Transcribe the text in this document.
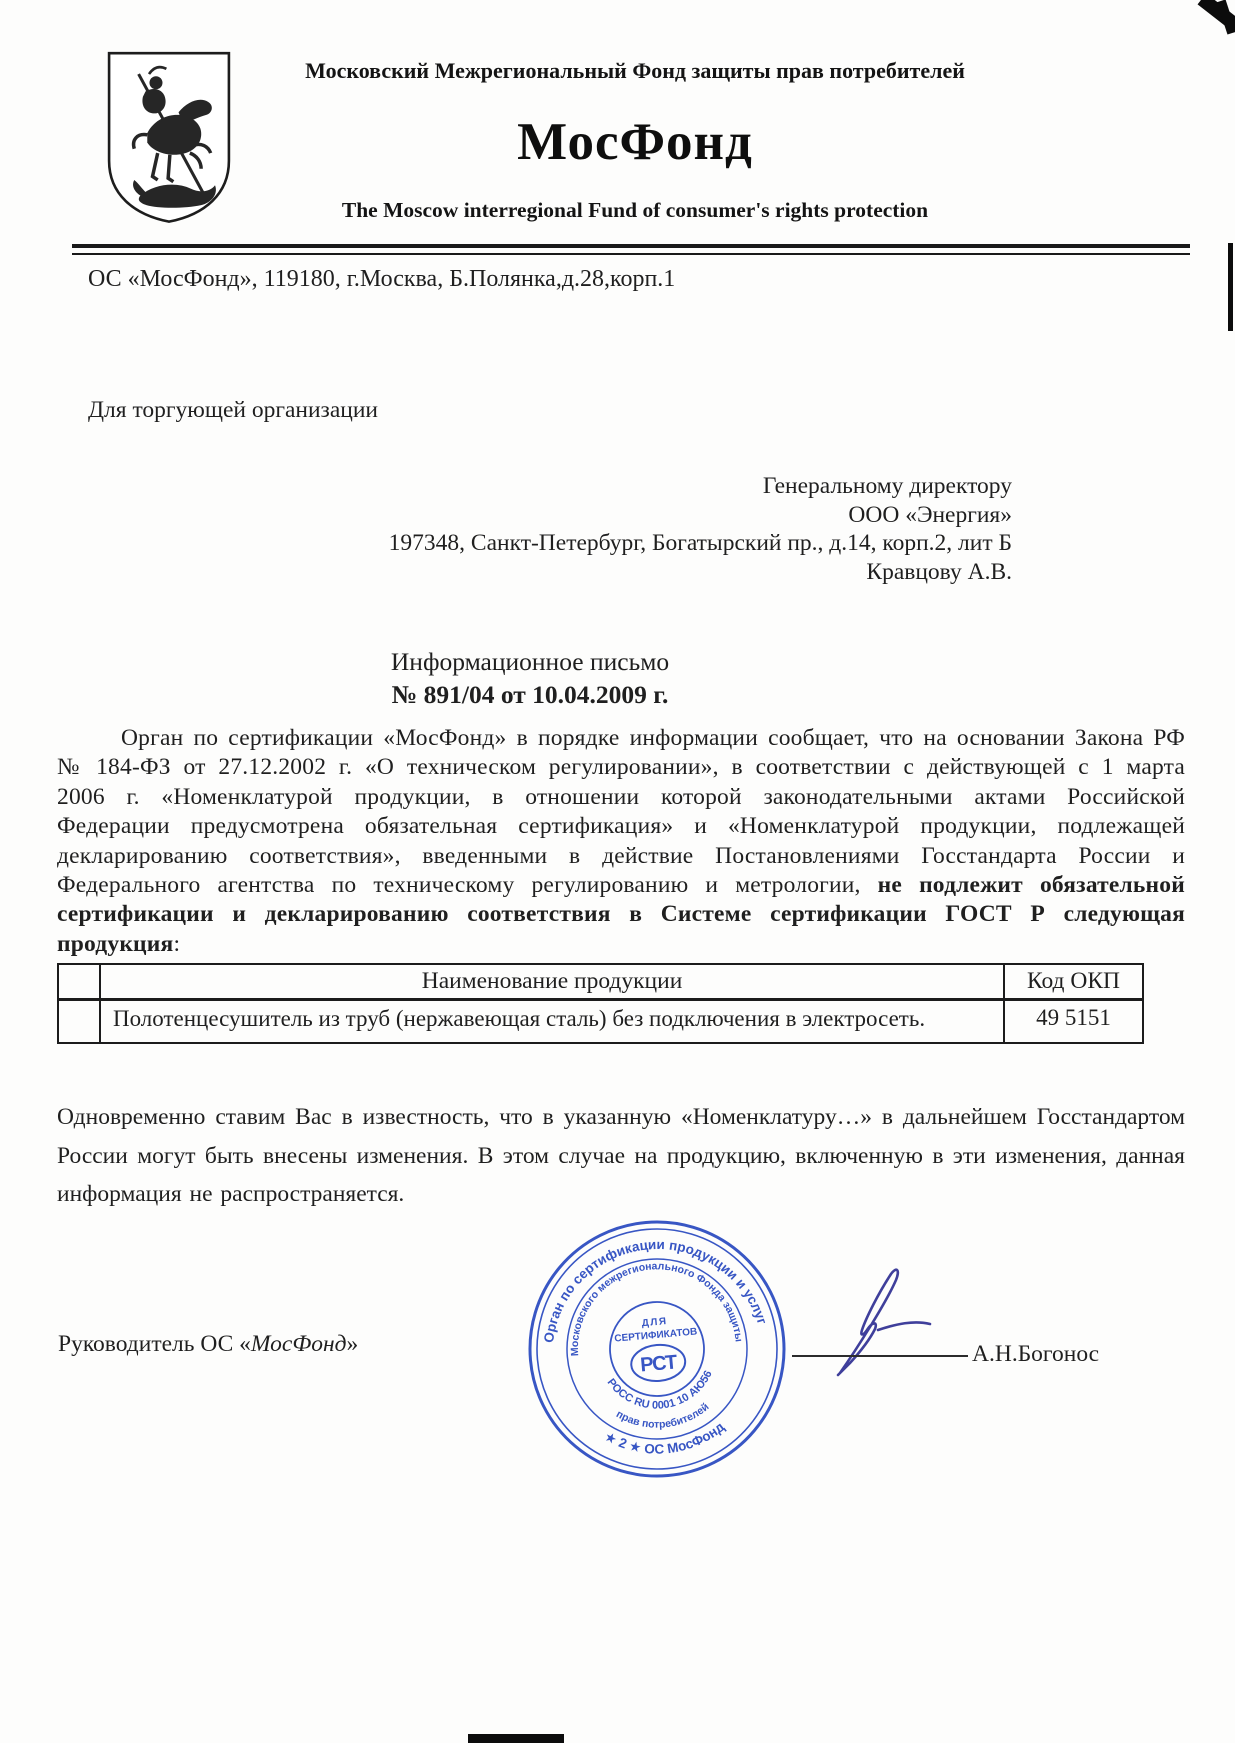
Московский Межрегиональный Фонд защиты прав потребителей
МосФонд
The Moscow interregional Fund of consumer's rights protection
ОС «МосФонд», 119180, г.Москва, Б.Полянка,д.28,корп.1
Для торгующей организации
Генеральному директору
ООО «Энергия»
197348, Санкт-Петербург, Богатырский пр., д.14, корп.2, лит Б
Кравцову А.В.
Информационное письмо
№ 891/04 от 10.04.2009 г.

Орган по сертификации «МосФонд» в порядке информации сообщает, что на основании Закона РФ № 184-ФЗ от 27.12.2002 г. «О техническом регулировании», в соответствии с действующей с 1 марта 2006 г. «Номенклатурой продукции, в отношении которой законодательными актами Российской Федерации предусмотрена обязательная сертификация» и «Номенклатурой продукции, подлежащей декларированию соответствия», введенными в действие Постановлениями Госстандарта России и Федерального агентства по техническому регулированию и метрологии, не подлежит обязательной сертификации и декларированию соответствия в Системе сертификации ГОСТ Р следующая продукция:

	Наименование продукции	Код ОКП
	Полотенцесушитель из труб (нержавеющая сталь) без подключения в электросеть.	49 5151

Одновременно ставим Вас в известность, что в указанную «Номенклатуру…» в дальнейшем Госстандартом России могут быть внесены изменения. В этом случае на продукцию, включенную в эти изменения, данная информация не распространяется.

Руководитель ОС «МосФонд»	Орган по сертификации продукции и услуг
★ 2 ★ ОС МосФонд
Московского межрегионального Фонда защиты
прав потребителей
РОСС RU 0001 10 АЮ56
ДЛЯ
СЕРТИФИКАТОВ
РСТ	А.Н.Богонос
